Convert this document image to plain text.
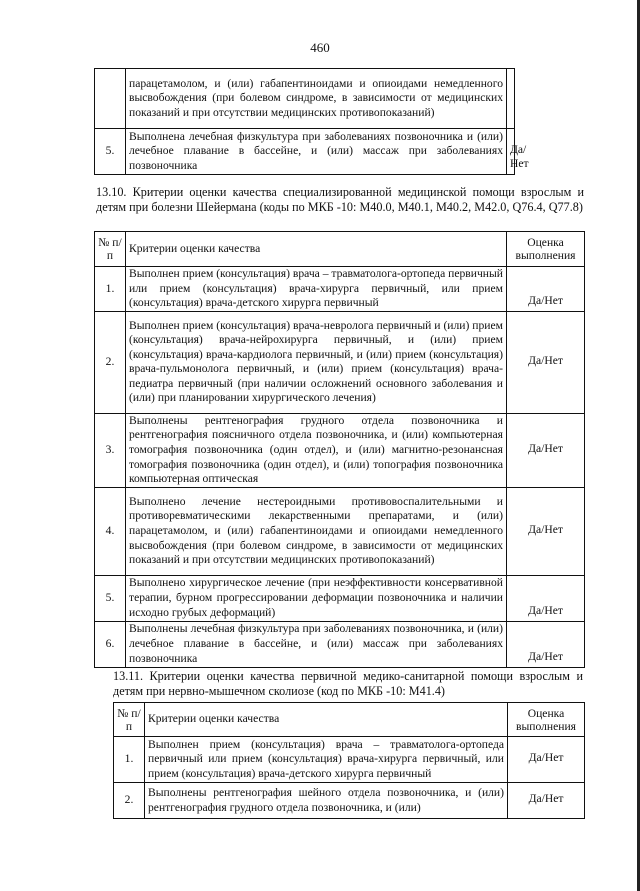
460
	парацетамолом, и (или) габапентиноидами и опиоидами немедленного высвобождения (при болевом синдроме, в зависимости от медицинских показаний и при отсутствии медицинских противопоказаний)	
5.	Выполнена лечебная физкультура при заболеваниях позвоночника и (или) лечебное плавание в бассейне, и (или) массаж при заболеваниях позвоночника	Да/Нет
13.10. Критерии оценки качества специализированной медицинской помощи взрослым и детям при болезни Шейермана (коды по МКБ -10: М40.0, М40.1, М40.2, М42.0, Q76.4, Q77.8)
№ п/п	Критерии оценки качества	Оценка выполнения
1.	Выполнен прием (консультация) врача – травматолога-ортопеда первичный или прием (консультация) врача-хирурга первичный, или прием (консультация) врача-детского хирурга первичный	Да/Нет
2.	Выполнен прием (консультация) врача-невролога первичный и (или) прием (консультация) врача-нейрохирурга первичный, и (или) прием (консультация) врача-кардиолога первичный, и (или) прием (консультация) врача-пульмонолога первичный, и (или) прием (консультация) врача-педиатра первичный (при наличии осложнений основного заболевания и (или) при планировании хирургического лечения)	Да/Нет
3.	Выполнены рентгенография грудного отдела позвоночника и рентгенография поясничного отдела позвоночника, и (или) компьютерная томография позвоночника (один отдел), и (или) магнитно-резонансная томография позвоночника (один отдел), и (или) топография позвоночника компьютерная оптическая	Да/Нет
4.	Выполнено лечение нестероидными противовоспалительными и противоревматическими лекарственными препаратами, и (или) парацетамолом, и (или) габапентиноидами и опиоидами немедленного высвобождения (при болевом синдроме, в зависимости от медицинских показаний и при отсутствии медицинских противопоказаний)	Да/Нет
5.	Выполнено хирургическое лечение (при неэффективности консервативной терапии, бурном прогрессировании деформации позвоночника и наличии исходно грубых деформаций)	Да/Нет
6.	Выполнены лечебная физкультура при заболеваниях позвоночника, и (или) лечебное плавание в бассейне, и (или) массаж при заболеваниях позвоночника	Да/Нет
13.11. Критерии оценки качества первичной медико-санитарной помощи взрослым и детям при нервно-мышечном сколиозе (код по МКБ -10: М41.4)
№ п/п	Критерии оценки качества	Оценка выполнения
1.	Выполнен прием (консультация) врача – травматолога-ортопеда первичный или прием (консультация) врача-хирурга первичный, или прием (консультация) врача-детского хирурга первичный	Да/Нет
2.	Выполнены рентгенография шейного отдела позвоночника, и (или) рентгенография грудного отдела позвоночника, и (или)	Да/Нет
